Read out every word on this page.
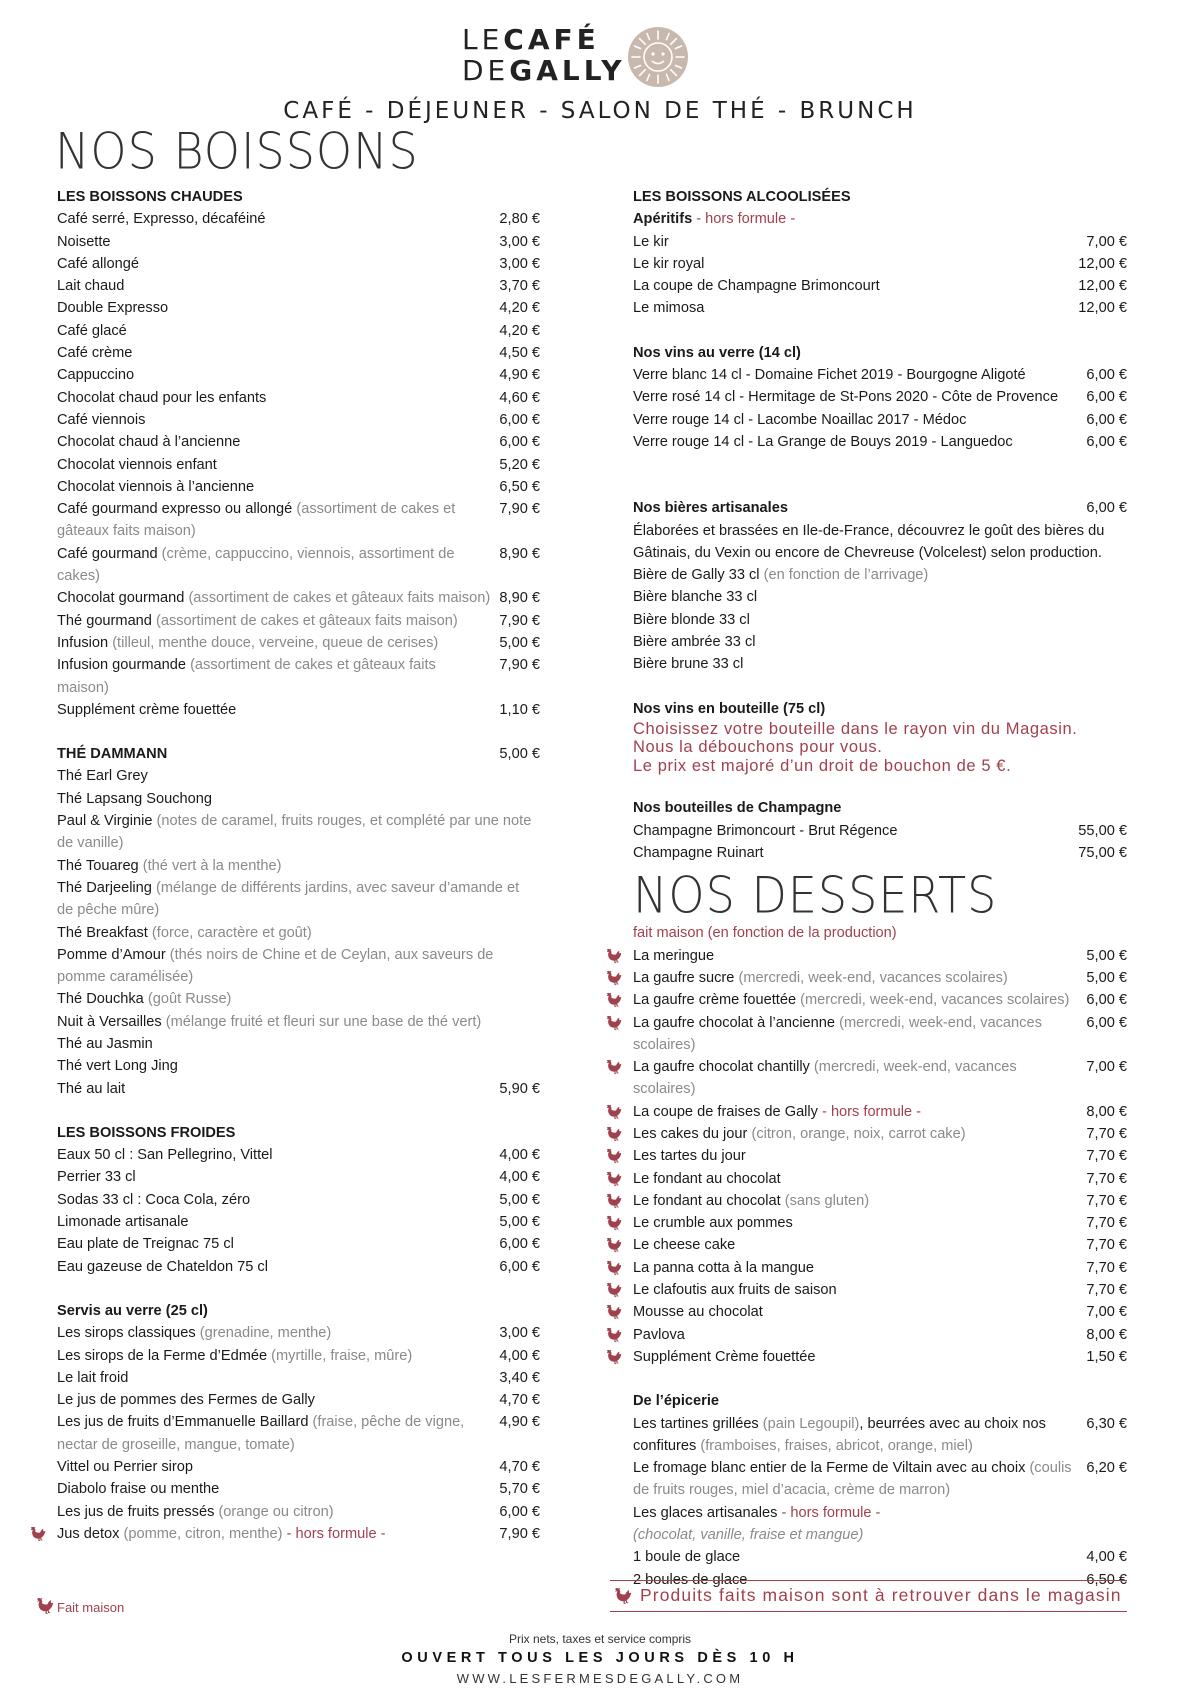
LECAFÉ
DEGALLY
CAFÉ - DÉJEUNER - SALON DE THÉ - BRUNCH
NOS BOISSONS
LES BOISSONS CHAUDES
Café serré, Expresso, décaféiné	2,80 €
Noisette	3,00 €
Café allongé	3,00 €
Lait chaud	3,70 €
Double Expresso	4,20 €
Café glacé	4,20 €
Café crème	4,50 €
Cappuccino	4,90 €
Chocolat chaud pour les enfants	4,60 €
Café viennois	6,00 €
Chocolat chaud à l’ancienne	6,00 €
Chocolat viennois enfant	5,20 €
Chocolat viennois à l’ancienne	6,50 €
Café gourmand expresso ou allongé (assortiment de cakes et gâteaux faits maison)
7,90 €
Café gourmand (crème, cappuccino, viennois, assortiment de cakes)
8,90 €
Chocolat gourmand (assortiment de cakes et gâteaux faits maison) 8,90 €
Thé gourmand (assortiment de cakes et gâteaux faits maison)	7,90 €
Infusion (tilleul, menthe douce, verveine, queue de cerises)	5,00 €
Infusion gourmande (assortiment de cakes et gâteaux faits maison)
7,90 €
Supplément crème fouettée	1,10 €
THÉ DAMMANN	5,00 €
Thé Earl Grey
Thé Lapsang Souchong
Paul & Virginie (notes de caramel, fruits rouges, et complété par une note de vanille)
Thé Touareg (thé vert à la menthe)
Thé Darjeeling (mélange de différents jardins, avec saveur d’amande et de pêche mûre)
Thé Breakfast (force, caractère et goût)
Pomme d’Amour (thés noirs de Chine et de Ceylan, aux saveurs de pomme caramélisée)
Thé Douchka (goût Russe)
Nuit à Versailles (mélange fruité et fleuri sur une base de thé vert)
Thé au Jasmin
Thé vert Long Jing
Thé au lait	5,90 €
LES BOISSONS FROIDES
Eaux 50 cl : San Pellegrino, Vittel	4,00 €
Perrier 33 cl	4,00 €
Sodas 33 cl : Coca Cola, zéro	5,00 €
Limonade artisanale	5,00 €
Eau plate de Treignac 75 cl	6,00 €
Eau gazeuse de Chateldon 75 cl	6,00 €
Servis au verre (25 cl)
Les sirops classiques (grenadine, menthe)	3,00 €
Les sirops de la Ferme d’Edmée (myrtille, fraise, mûre)	4,00 €
Le lait froid	3,40 €
Le jus de pommes des Fermes de Gally	4,70 €
Les jus de fruits d’Emmanuelle Baillard (fraise, pêche de vigne, nectar de groseille, mangue, tomate)
4,90 €
Vittel ou Perrier sirop	4,70 €
Diabolo fraise ou menthe	5,70 €
Les jus de fruits pressés (orange ou citron)	6,00 €
Jus detox (pomme, citron, menthe) - hors formule -	7,90 €
LES BOISSONS ALCOOLISÉES
Apéritifs - hors formule -
Le kir	7,00 €
Le kir royal	12,00 €
La coupe de Champagne Brimoncourt	12,00 €
Le mimosa	12,00 €
Nos vins au verre (14 cl)
Verre blanc 14 cl - Domaine Fichet 2019 - Bourgogne Aligoté	6,00 €
Verre rosé 14 cl - Hermitage de St-Pons 2020 - Côte de Provence	6,00 €
Verre rouge 14 cl - Lacombe Noaillac 2017 - Médoc	6,00 €
Verre rouge 14 cl - La Grange de Bouys 2019 - Languedoc	6,00 €
Nos bières artisanales	6,00 €
Élaborées et brassées en Ile-de-France, découvrez le goût des bières du Gâtinais, du Vexin ou encore de Chevreuse (Volcelest) selon production.
Bière de Gally 33 cl (en fonction de l’arrivage)
Bière blanche 33 cl
Bière blonde 33 cl
Bière ambrée 33 cl
Bière brune 33 cl
Nos vins en bouteille (75 cl)
Choisissez votre bouteille dans le rayon vin du Magasin.
Nous la débouchons pour vous.
Le prix est majoré d’un droit de bouchon de 5 €.
Nos bouteilles de Champagne
Champagne Brimoncourt - Brut Régence	55,00 €
Champagne Ruinart	75,00 €
NOS DESSERTS
fait maison (en fonction de la production)
La meringue	5,00 €
La gaufre sucre (mercredi, week-end, vacances scolaires)	5,00 €
La gaufre crème fouettée (mercredi, week-end, vacances scolaires)	6,00 €
La gaufre chocolat à l’ancienne (mercredi, week-end, vacances scolaires)
6,00 €
La gaufre chocolat chantilly (mercredi, week-end, vacances scolaires)
7,00 €
La coupe de fraises de Gally - hors formule -	8,00 €
Les cakes du jour (citron, orange, noix, carrot cake)	7,70 €
Les tartes du jour	7,70 €
Le fondant au chocolat	7,70 €
Le fondant au chocolat (sans gluten)	7,70 €
Le crumble aux pommes	7,70 €
Le cheese cake	7,70 €
La panna cotta à la mangue	7,70 €
Le clafoutis aux fruits de saison	7,70 €
Mousse au chocolat	7,00 €
Pavlova	8,00 €
Supplément Crème fouettée	1,50 €
De l’épicerie
Les tartines grillées (pain Legoupil), beurrées avec au choix nos confitures (framboises, fraises, abricot, orange, miel)
6,30 €
Le fromage blanc entier de la Ferme de Viltain avec au choix (coulis de fruits rouges, miel d’acacia, crème de marron)
6,20 €
Les glaces artisanales - hors formule -
(chocolat, vanille, fraise et mangue)
1 boule de glace	4,00 €
2 boules de glace	6,50 €
Produits faits maison sont à retrouver dans le magasin
Fait maison
Prix nets, taxes et service compris
OUVERT TOUS LES JOURS DÈS 10 H
WWW.LESFERMESDEGALLY.COM
